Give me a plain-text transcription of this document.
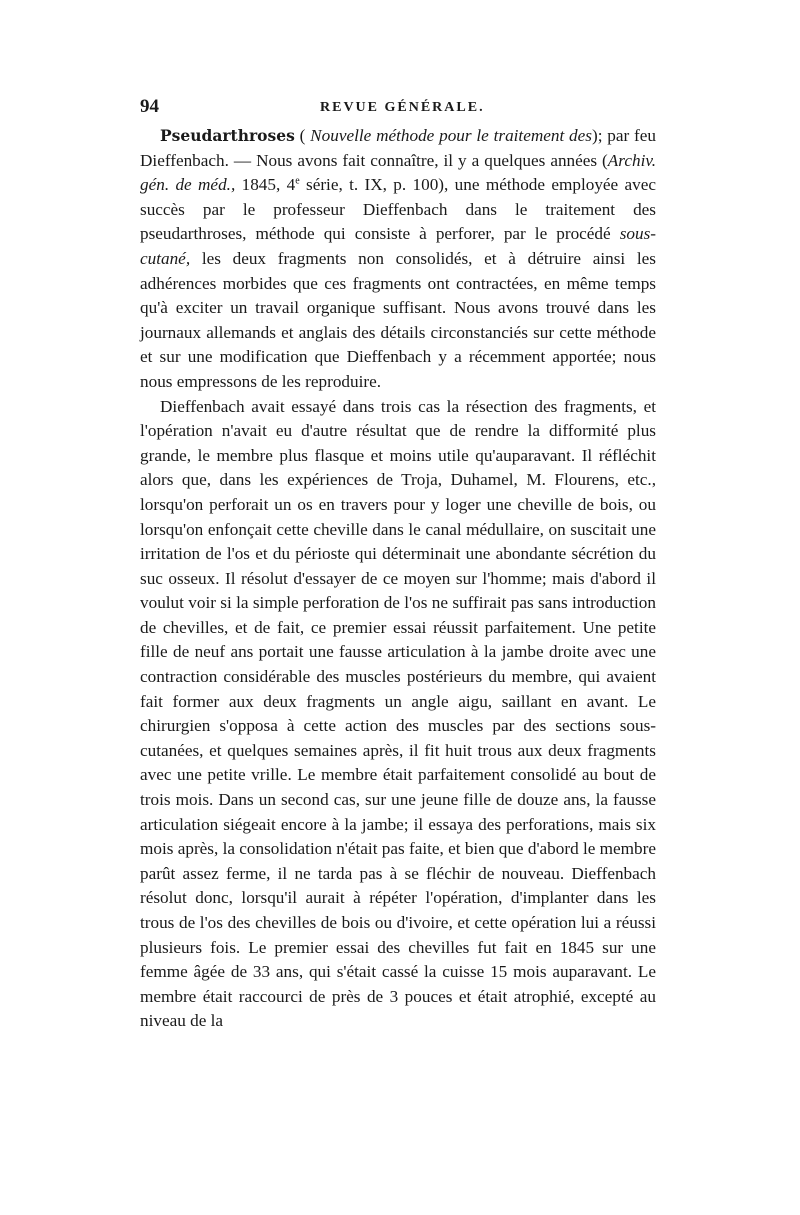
94	REVUE GÉNÉRALE.

Pseudarthroses ( Nouvelle méthode pour le traitement des); par feu Dieffenbach. — Nous avons fait connaître, il y a quelques années (Archiv. gén. de méd., 1845, 4e série, t. IX, p. 100), une méthode employée avec succès par le professeur Dieffenbach dans le traitement des pseudarthroses, méthode qui consiste à perforer, par le procédé sous-cutané, les deux fragments non consolidés, et à détruire ainsi les adhérences morbides que ces fragments ont contractées, en même temps qu'à exciter un travail organique suffisant. Nous avons trouvé dans les journaux allemands et anglais des détails circonstanciés sur cette méthode et sur une modification que Dieffenbach y a récemment apportée; nous nous empressons de les reproduire.

Dieffenbach avait essayé dans trois cas la résection des fragments, et l'opération n'avait eu d'autre résultat que de rendre la difformité plus grande, le membre plus flasque et moins utile qu'auparavant. Il réfléchit alors que, dans les expériences de Troja, Duhamel, M. Flourens, etc., lorsqu'on perforait un os en travers pour y loger une cheville de bois, ou lorsqu'on enfonçait cette cheville dans le canal médullaire, on suscitait une irritation de l'os et du périoste qui déterminait une abondante sécrétion du suc osseux. Il résolut d'essayer de ce moyen sur l'homme; mais d'abord il voulut voir si la simple perforation de l'os ne suffirait pas sans introduction de chevilles, et de fait, ce premier essai réussit parfaitement. Une petite fille de neuf ans portait une fausse articulation à la jambe droite avec une contraction considérable des muscles postérieurs du membre, qui avaient fait former aux deux fragments un angle aigu, saillant en avant. Le chirurgien s'opposa à cette action des muscles par des sections sous-cutanées, et quelques semaines après, il fit huit trous aux deux fragments avec une petite vrille. Le membre était parfaitement consolidé au bout de trois mois. Dans un second cas, sur une jeune fille de douze ans, la fausse articulation siégeait encore à la jambe; il essaya des perforations, mais six mois après, la consolidation n'était pas faite, et bien que d'abord le membre parût assez ferme, il ne tarda pas à se fléchir de nouveau. Dieffenbach résolut donc, lorsqu'il aurait à répéter l'opération, d'implanter dans les trous de l'os des chevilles de bois ou d'ivoire, et cette opération lui a réussi plusieurs fois. Le premier essai des chevilles fut fait en 1845 sur une femme âgée de 33 ans, qui s'était cassé la cuisse 15 mois auparavant. Le membre était raccourci de près de 3 pouces et était atrophié, excepté au niveau de la
